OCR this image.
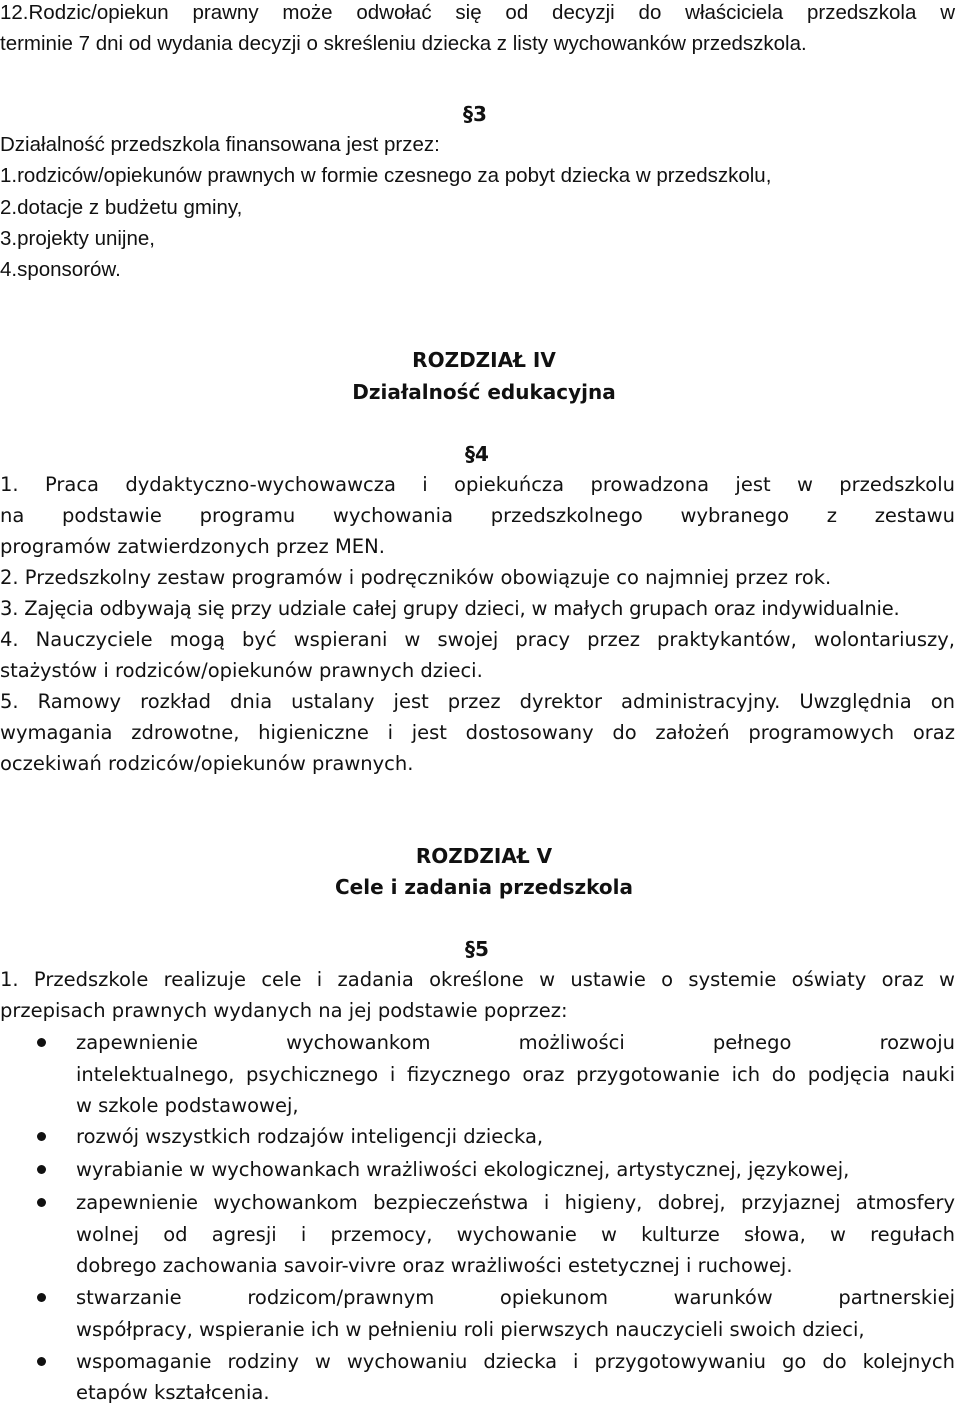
12.Rodzic/opiekun prawny może odwołać się od decyzji do właściciela przedszkola w
terminie 7 dni od wydania decyzji o skreśleniu dziecka z listy wychowanków przedszkola.
§3
Działalność przedszkola finansowana jest przez:
1.rodziców/opiekunów prawnych w formie czesnego za pobyt dziecka w przedszkolu,
2.dotacje z budżetu gminy,
3.projekty unijne,
4.sponsorów.
ROZDZIAŁ IV
Działalność edukacyjna
§4
1. Praca dydaktyczno-wychowawcza i opiekuńcza prowadzona jest w przedszkolu
na podstawie programu wychowania przedszkolnego wybranego z zestawu
programów zatwierdzonych przez MEN.
2. Przedszkolny zestaw programów i podręczników obowiązuje co najmniej przez rok.
3. Zajęcia odbywają się przy udziale całej grupy dzieci, w małych grupach oraz indywidualnie.
4. Nauczyciele mogą być wspierani w swojej pracy przez praktykantów, wolontariuszy,
stażystów i rodziców/opiekunów prawnych dzieci.
5. Ramowy rozkład dnia ustalany jest przez dyrektor administracyjny. Uwzględnia on
wymagania zdrowotne, higieniczne i jest dostosowany do założeń programowych oraz
oczekiwań rodziców/opiekunów prawnych.
ROZDZIAŁ V
Cele i zadania przedszkola
§5
1. Przedszkole realizuje cele i zadania określone w ustawie o systemie oświaty oraz w
przepisach prawnych wydanych na jej podstawie poprzez:
zapewnienie wychowankom możliwości pełnego rozwoju
intelektualnego, psychicznego i fizycznego oraz przygotowanie ich do podjęcia nauki
w szkole podstawowej,
rozwój wszystkich rodzajów inteligencji dziecka,
wyrabianie w wychowankach wrażliwości ekologicznej, artystycznej, językowej,
zapewnienie wychowankom bezpieczeństwa i higieny, dobrej, przyjaznej atmosfery
wolnej od agresji i przemocy, wychowanie w kulturze słowa, w regułach
dobrego zachowania savoir-vivre oraz wrażliwości estetycznej i ruchowej.
stwarzanie rodzicom/prawnym opiekunom warunków partnerskiej
współpracy, wspieranie ich w pełnieniu roli pierwszych nauczycieli swoich dzieci,
wspomaganie rodziny w wychowaniu dziecka i przygotowywaniu go do kolejnych
etapów kształcenia.
